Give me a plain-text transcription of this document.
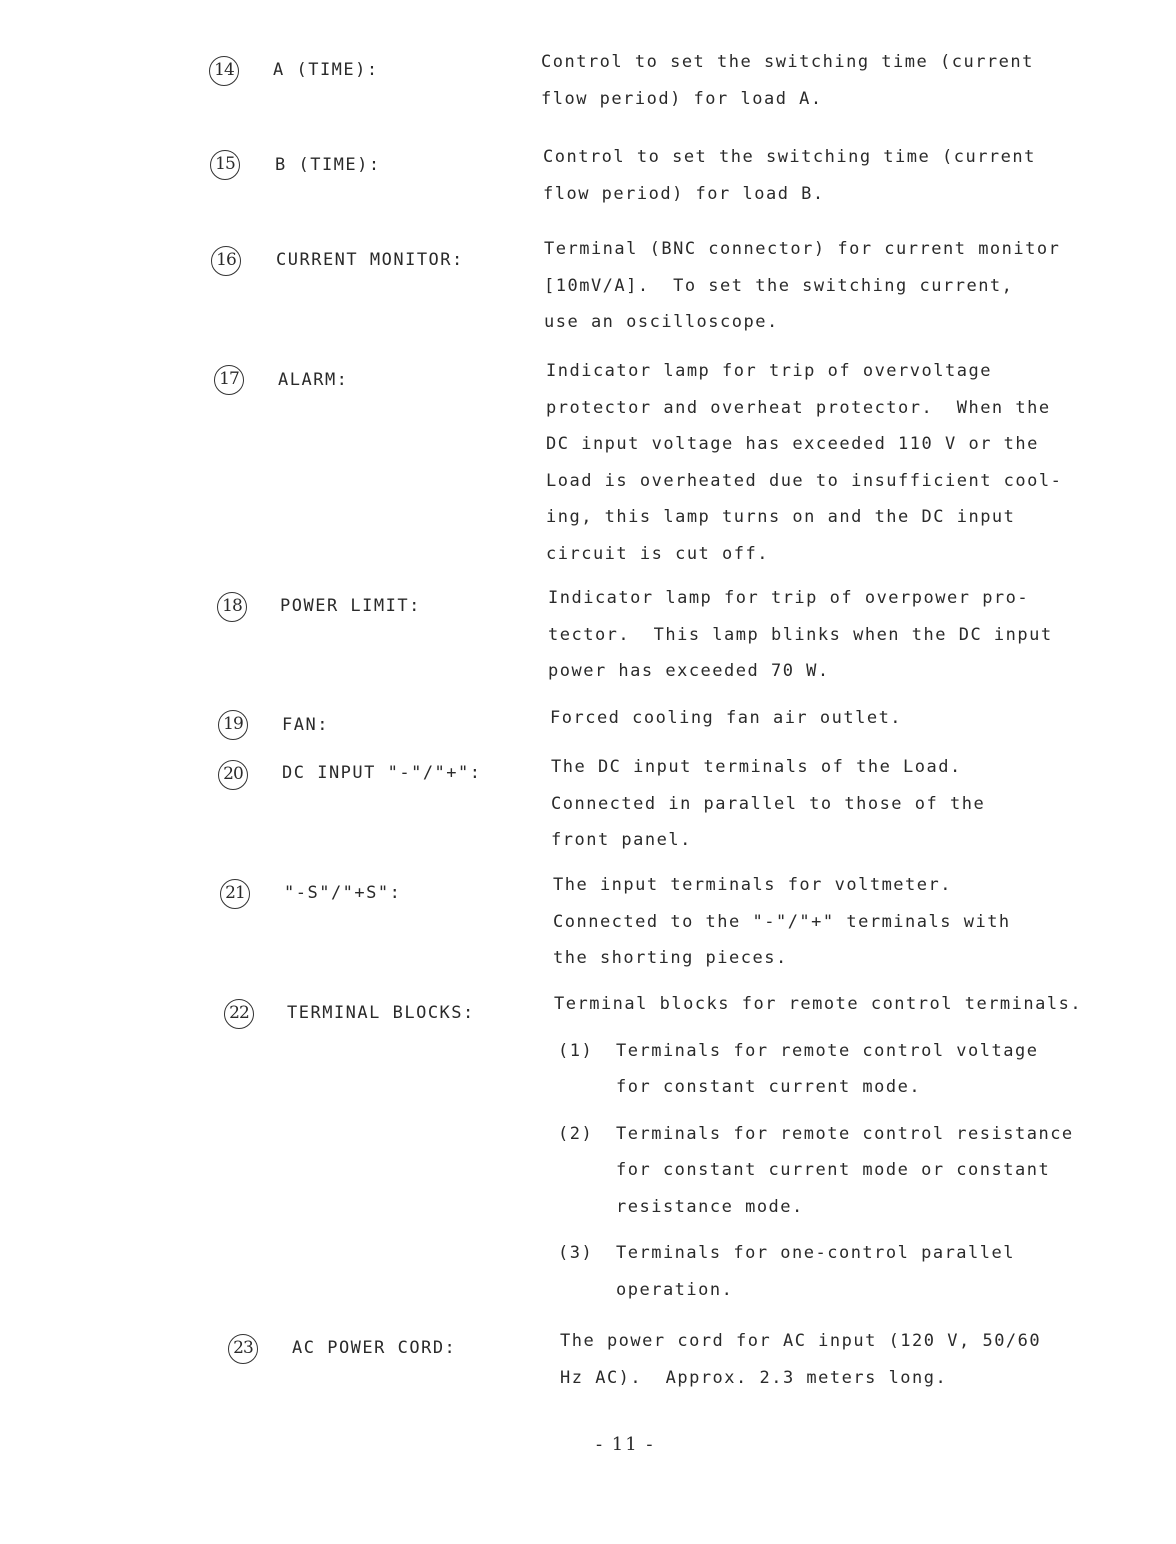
14	A (TIME):	Control to set the switching time (current
flow period) for load A.
15	B (TIME):	Control to set the switching time (current
flow period) for load B.
16	CURRENT MONITOR:
Terminal (BNC connector) for current monitor
[10mV/A].  To set the switching current,
use an oscilloscope.
17	ALARM:	Indicator lamp for trip of overvoltage
protector and overheat protector.  When the
DC input voltage has exceeded 110 V or the
Load is overheated due to insufficient cool-
ing, this lamp turns on and the DC input
circuit is cut off.
18	POWER LIMIT:	Indicator lamp for trip of overpower pro-
tector.  This lamp blinks when the DC input
power has exceeded 70 W.
19	FAN:	Forced cooling fan air outlet.
20	DC INPUT "-"/"+":	The DC input terminals of the Load.
Connected in parallel to those of the
front panel.
21	"-S"/"+S":	The input terminals for voltmeter.
Connected to the "-"/"+" terminals with
the shorting pieces.
22	TERMINAL BLOCKS:	Terminal blocks for remote control terminals.
(1) Terminals for remote control voltage
for constant current mode.
(2) Terminals for remote control resistance
for constant current mode or constant
resistance mode.
(3) Terminals for one-control parallel
operation.
23	AC POWER CORD:	The power cord for AC input (120 V, 50/60
Hz AC).  Approx. 2.3 meters long.
- 11 -
